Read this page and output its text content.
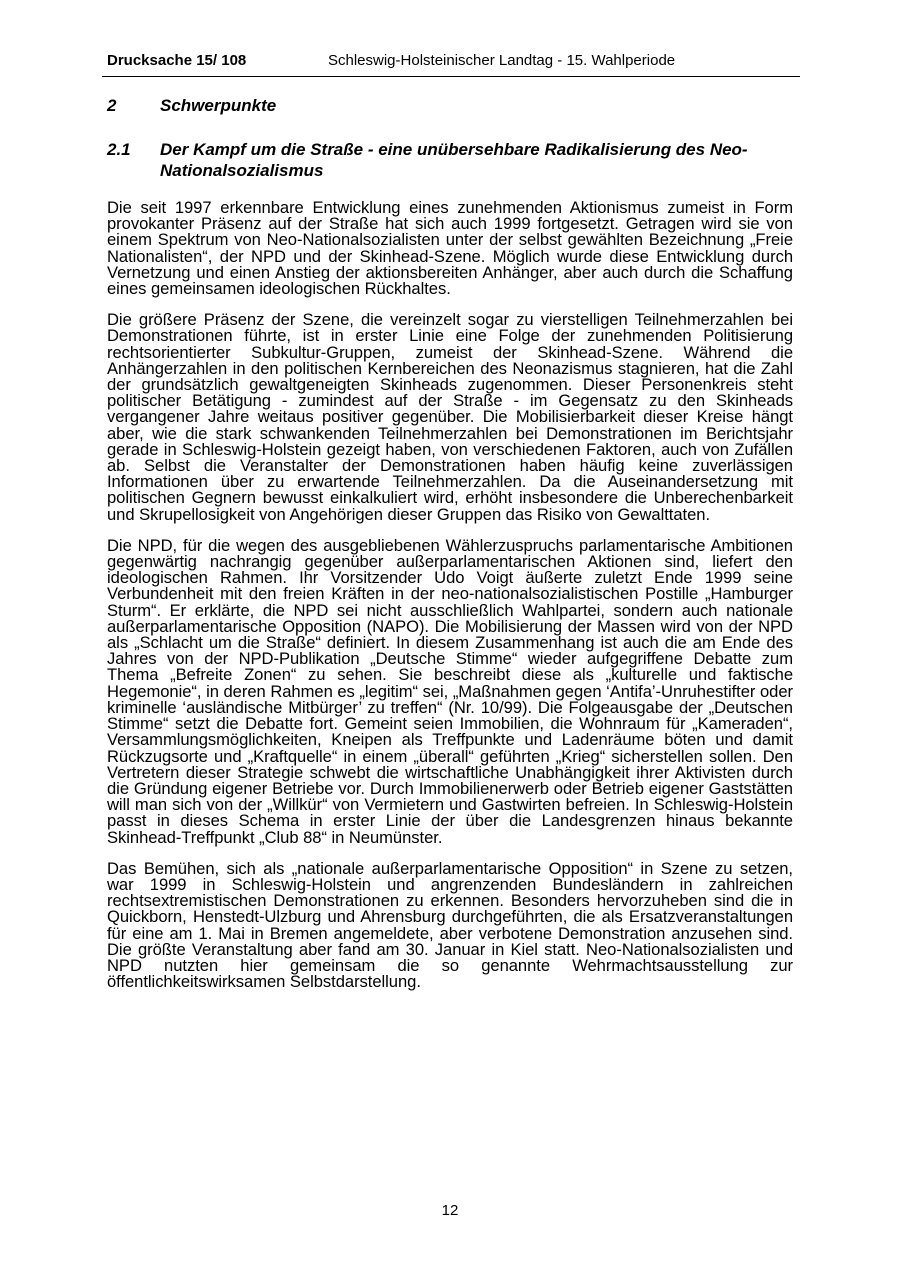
Drucksache 15/ 108	Schleswig-Holsteinischer Landtag - 15. Wahlperiode
2	Schwerpunkte
2.1 Der Kampf um die Straße - eine unübersehbare Radikalisierung des Neo-Nationalsozialismus

Die seit 1997 erkennbare Entwicklung eines zunehmenden Aktionismus zumeist in Form provokanter Präsenz auf der Straße hat sich auch 1999 fortgesetzt. Getragen wird sie von einem Spektrum von Neo-Nationalsozialisten unter der selbst gewählten Bezeichnung „Freie Nationalisten“, der NPD und der Skinhead-Szene. Möglich wurde diese Entwicklung durch Vernetzung und einen Anstieg der aktionsbereiten Anhänger, aber auch durch die Schaffung eines gemeinsamen ideologischen Rückhaltes.

Die größere Präsenz der Szene, die vereinzelt sogar zu vierstelligen Teilnehmerzahlen bei Demonstrationen führte, ist in erster Linie eine Folge der zunehmenden Politisierung rechtsorientierter Subkultur-Gruppen, zumeist der Skinhead-Szene. Während die Anhängerzahlen in den politischen Kernbereichen des Neonazismus stagnieren, hat die Zahl der grundsätzlich gewaltgeneigten Skinheads zugenommen. Dieser Personenkreis steht politischer Betätigung - zumindest auf der Straße - im Gegensatz zu den Skinheads vergangener Jahre weitaus positiver gegenüber. Die Mobilisierbarkeit dieser Kreise hängt aber, wie die stark schwankenden Teilnehmerzahlen bei Demonstrationen im Berichtsjahr gerade in Schleswig-Holstein gezeigt haben, von verschiedenen Faktoren, auch von Zufällen ab. Selbst die Veranstalter der Demonstrationen haben häufig keine zuverlässigen Informationen über zu erwartende Teilnehmerzahlen. Da die Auseinandersetzung mit politischen Gegnern bewusst einkalkuliert wird, erhöht insbesondere die Unberechenbarkeit und Skrupellosigkeit von Angehörigen dieser Gruppen das Risiko von Gewalttaten.

Die NPD, für die wegen des ausgebliebenen Wählerzuspruchs parlamentarische Ambitionen gegenwärtig nachrangig gegenüber außerparlamentarischen Aktionen sind, liefert den ideologischen Rahmen. Ihr Vorsitzender Udo Voigt äußerte zuletzt Ende 1999 seine Verbundenheit mit den freien Kräften in der neo-nationalsozialistischen Postille „Hamburger Sturm“. Er erklärte, die NPD sei nicht ausschließlich Wahlpartei, sondern auch nationale außerparlamentarische Opposition (NAPO). Die Mobilisierung der Massen wird von der NPD als „Schlacht um die Straße“ definiert. In diesem Zusammenhang ist auch die am Ende des Jahres von der NPD-Publikation „Deutsche Stimme“ wieder aufgegriffene Debatte zum Thema „Befreite Zonen“ zu sehen. Sie beschreibt diese als „kulturelle und faktische Hegemonie“, in deren Rahmen es „legitim“ sei, „Maßnahmen gegen ‘Antifa’-Unruhestifter oder kriminelle ‘ausländische Mitbürger’ zu treffen“ (Nr. 10/99). Die Folgeausgabe der „Deutschen Stimme“ setzt die Debatte fort. Gemeint seien Immobilien, die Wohnraum für „Kameraden“, Versammlungsmöglichkeiten, Kneipen als Treffpunkte und Ladenräume böten und damit Rückzugsorte und „Kraftquelle“ in einem „überall“ geführten „Krieg“ sicherstellen sollen. Den Vertretern dieser Strategie schwebt die wirtschaftliche Unabhängigkeit ihrer Aktivisten durch die Gründung eigener Betriebe vor. Durch Immobilienerwerb oder Betrieb eigener Gaststätten will man sich von der „Willkür“ von Vermietern und Gastwirten befreien. In Schleswig-Holstein passt in dieses Schema in erster Linie der über die Landesgrenzen hinaus bekannte Skinhead-Treffpunkt „Club 88“ in Neumünster.

Das Bemühen, sich als „nationale außerparlamentarische Opposition“ in Szene zu setzen, war 1999 in Schleswig-Holstein und angrenzenden Bundesländern in zahlreichen rechtsextremistischen Demonstrationen zu erkennen. Besonders hervorzuheben sind die in Quickborn, Henstedt-Ulzburg und Ahrensburg durchgeführten, die als Ersatzveranstaltungen für eine am 1. Mai in Bremen angemeldete, aber verbotene Demonstration anzusehen sind. Die größte Veranstaltung aber fand am 30. Januar in Kiel statt. Neo-Nationalsozialisten und NPD nutzten hier gemeinsam die so genannte Wehrmachtsausstellung zur öffentlichkeitswirksamen Selbstdarstellung.

12
